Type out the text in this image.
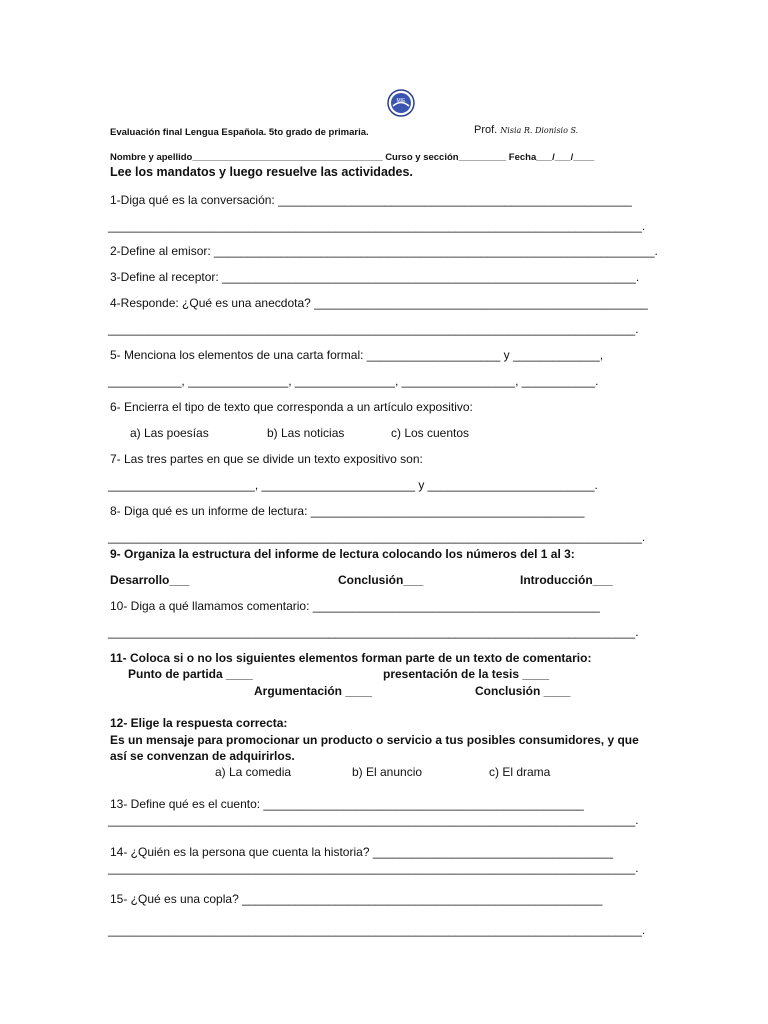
MIE
Evaluación final Lengua Española. 5to grado de primaria.	Prof. Nisia R. Dionisio S.
Nombre y apellido____________________________________ Curso y sección_________ Fecha___/___/____
Lee los mandatos y luego resuelve las actividades.
1-Diga qué es la conversación: _____________________________________________________
________________________________________________________________________________.
2-Define al emisor: __________________________________________________________________.
3-Define al receptor: ______________________________________________________________.
4-Responde: ¿Qué es una anecdota? __________________________________________________
_______________________________________________________________________________.
5- Menciona los elementos de una carta formal: ____________________ y _____________,
___________, _______________, _______________, _________________, ___________.
6- Encierra el tipo de texto que corresponda a un artículo expositivo:
a) Las poesías	b) Las noticias	c) Los cuentos
7- Las tres partes en que se divide un texto expositivo son:
______________________, _______________________ y _________________________.
8- Diga qué es un informe de lectura: _________________________________________
________________________________________________________________________________.
9- Organiza la estructura del informe de lectura colocando los números del 1 al 3:
Desarrollo___	Conclusión___	Introducción___
10- Diga a qué llamamos comentario: ___________________________________________
_______________________________________________________________________________.
11- Coloca si o no los siguientes elementos forman parte de un texto de comentario:
Punto de partida ____	presentación de la tesis ____
Argumentación ____	Conclusión ____
12- Elige la respuesta correcta:
Es un mensaje para promocionar un producto o servicio a tus posibles consumidores, y que
así se convenzan de adquirirlos.
a) La comedia	b) El anuncio	c) El drama
13- Define qué es el cuento: ________________________________________________
_______________________________________________________________________________.
14- ¿Quién es la persona que cuenta la historia? ____________________________________
_______________________________________________________________________________.
15- ¿Qué es una copla? ______________________________________________________
________________________________________________________________________________.
